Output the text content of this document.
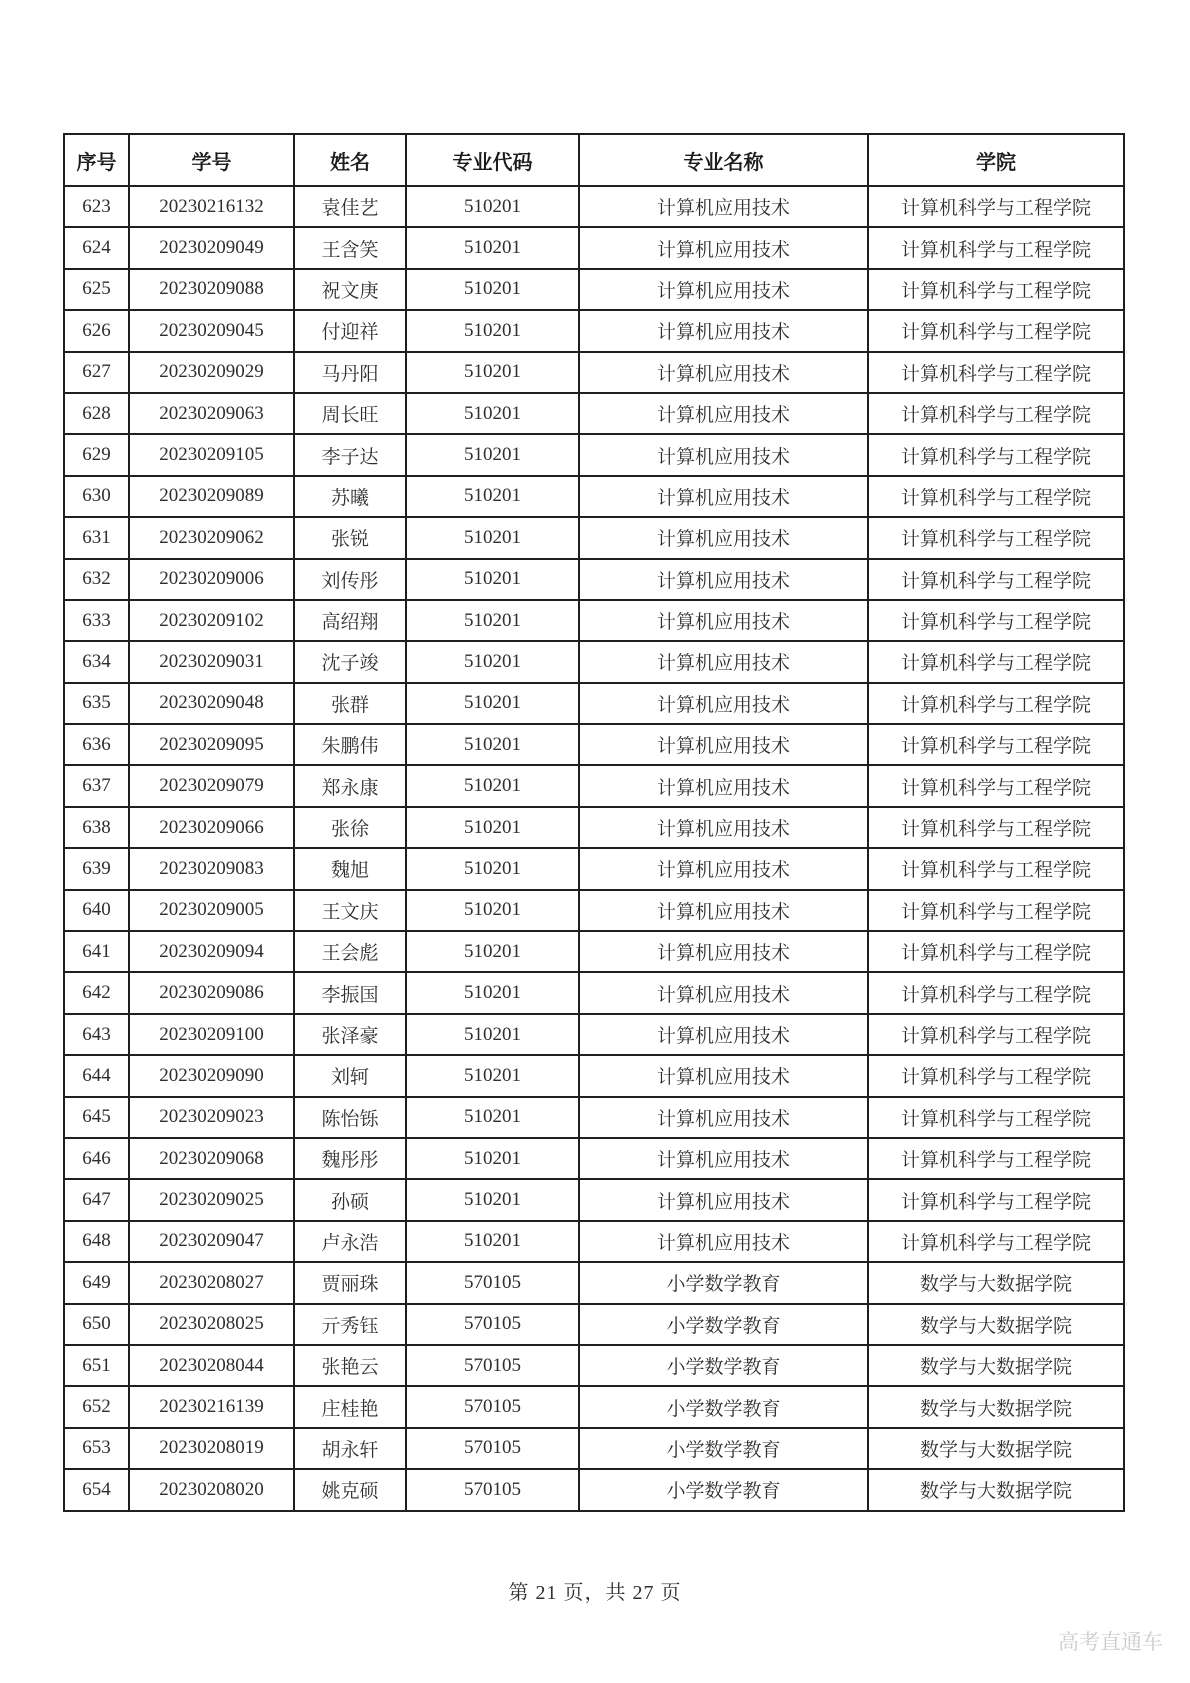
序号	学号	姓名	专业代码	专业名称	学院
623	20230216132	袁佳艺	510201	计算机应用技术	计算机科学与工程学院
624	20230209049	王含笑	510201	计算机应用技术	计算机科学与工程学院
625	20230209088	祝文庚	510201	计算机应用技术	计算机科学与工程学院
626	20230209045	付迎祥	510201	计算机应用技术	计算机科学与工程学院
627	20230209029	马丹阳	510201	计算机应用技术	计算机科学与工程学院
628	20230209063	周长旺	510201	计算机应用技术	计算机科学与工程学院
629	20230209105	李子达	510201	计算机应用技术	计算机科学与工程学院
630	20230209089	苏曦	510201	计算机应用技术	计算机科学与工程学院
631	20230209062	张锐	510201	计算机应用技术	计算机科学与工程学院
632	20230209006	刘传彤	510201	计算机应用技术	计算机科学与工程学院
633	20230209102	高绍翔	510201	计算机应用技术	计算机科学与工程学院
634	20230209031	沈子竣	510201	计算机应用技术	计算机科学与工程学院
635	20230209048	张群	510201	计算机应用技术	计算机科学与工程学院
636	20230209095	朱鹏伟	510201	计算机应用技术	计算机科学与工程学院
637	20230209079	郑永康	510201	计算机应用技术	计算机科学与工程学院
638	20230209066	张徐	510201	计算机应用技术	计算机科学与工程学院
639	20230209083	魏旭	510201	计算机应用技术	计算机科学与工程学院
640	20230209005	王文庆	510201	计算机应用技术	计算机科学与工程学院
641	20230209094	王会彪	510201	计算机应用技术	计算机科学与工程学院
642	20230209086	李振国	510201	计算机应用技术	计算机科学与工程学院
643	20230209100	张泽豪	510201	计算机应用技术	计算机科学与工程学院
644	20230209090	刘轲	510201	计算机应用技术	计算机科学与工程学院
645	20230209023	陈怡铄	510201	计算机应用技术	计算机科学与工程学院
646	20230209068	魏彤彤	510201	计算机应用技术	计算机科学与工程学院
647	20230209025	孙硕	510201	计算机应用技术	计算机科学与工程学院
648	20230209047	卢永浩	510201	计算机应用技术	计算机科学与工程学院
649	20230208027	贾丽珠	570105	小学数学教育	数学与大数据学院
650	20230208025	亓秀钰	570105	小学数学教育	数学与大数据学院
651	20230208044	张艳云	570105	小学数学教育	数学与大数据学院
652	20230216139	庄桂艳	570105	小学数学教育	数学与大数据学院
653	20230208019	胡永轩	570105	小学数学教育	数学与大数据学院
654	20230208020	姚克硕	570105	小学数学教育	数学与大数据学院
第 21 页，共 27 页
高考直通车
